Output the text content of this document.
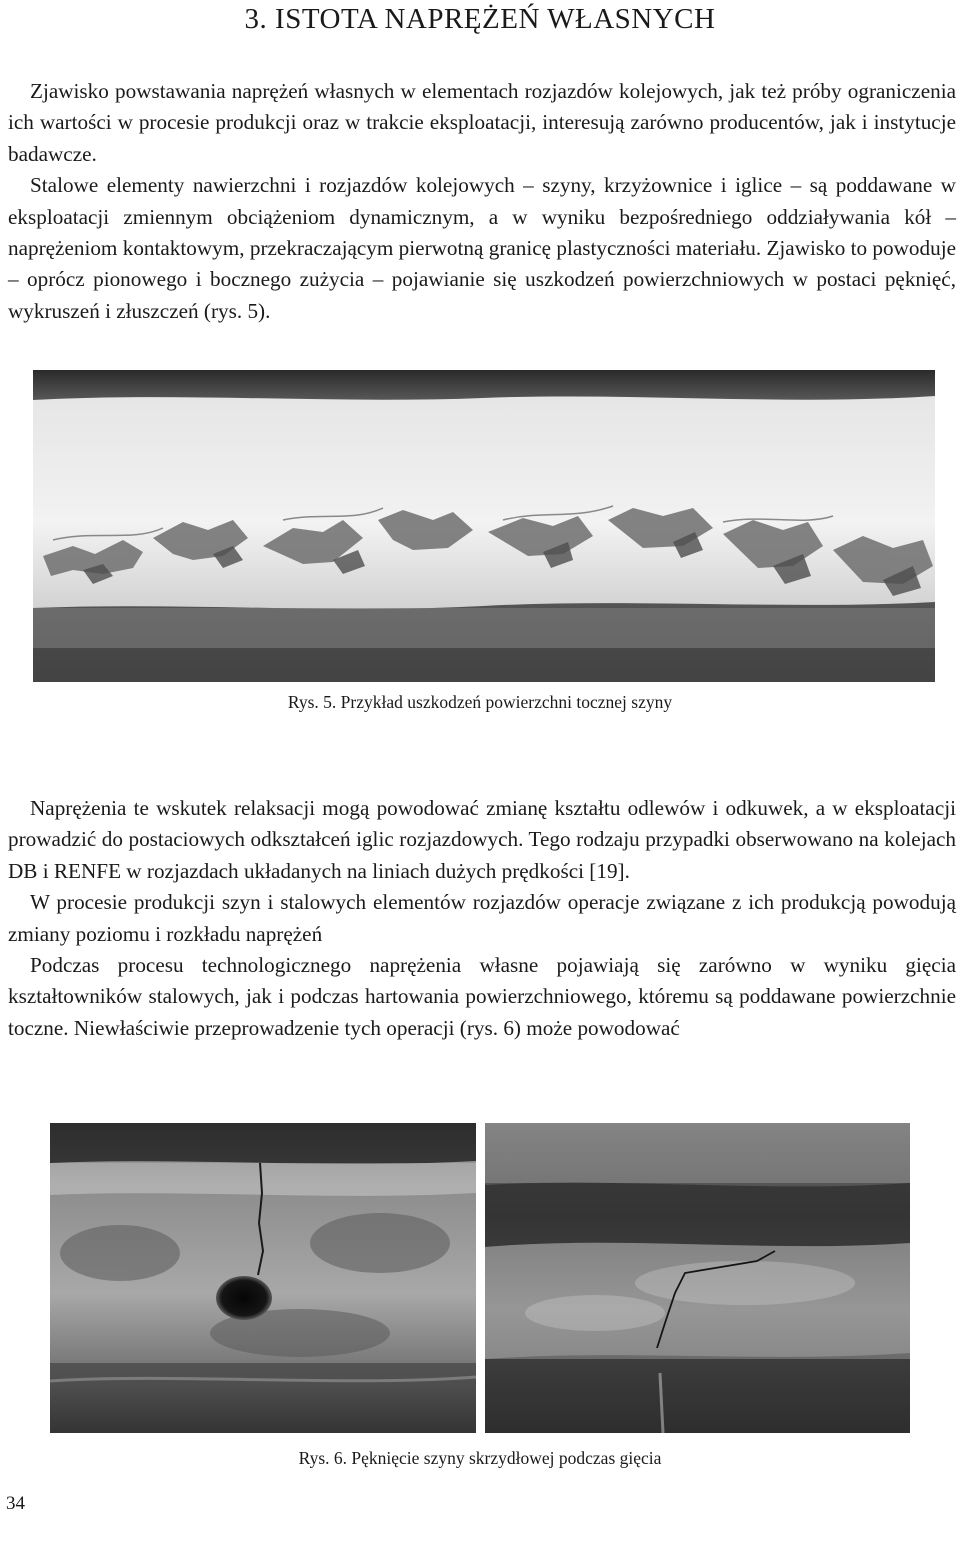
3. ISTOTA NAPRĘŻEŃ WŁASNYCH

Zjawisko powstawania naprężeń własnych w elementach rozjazdów kolejowych, jak też próby ograniczenia ich wartości w procesie produkcji oraz w trakcie eksploatacji, interesują zarówno producentów, jak i instytucje badawcze.

Stalowe elementy nawierzchni i rozjazdów kolejowych – szyny, krzyżownice i iglice – są poddawane w eksploatacji zmiennym obciążeniom dynamicznym, a w wyniku bezpośredniego oddziaływania kół – naprężeniom kontaktowym, przekraczającym pierwotną granicę plastyczności materiału. Zjawisko to powoduje – oprócz pionowego i bocznego zużycia – pojawianie się uszkodzeń powierzchniowych w postaci pęknięć, wykruszeń i złuszczeń (rys. 5).

Rys. 5. Przykład uszkodzeń powierzchni tocznej szyny

Naprężenia te wskutek relaksacji mogą powodować zmianę kształtu odlewów i odkuwek, a w eksploatacji prowadzić do postaciowych odkształceń iglic rozjazdowych. Tego rodzaju przypadki obserwowano na kolejach DB i RENFE w rozjazdach układanych na liniach dużych prędkości [19].

W procesie produkcji szyn i stalowych elementów rozjazdów operacje związane z ich produkcją powodują zmiany poziomu i rozkładu naprężeń

Podczas procesu technologicznego naprężenia własne pojawiają się zarówno w wyniku gięcia kształtowników stalowych, jak i podczas hartowania powierzchniowego, któremu są poddawane powierzchnie toczne. Niewłaściwie przeprowadzenie tych operacji (rys. 6) może powodować

Rys. 6. Pęknięcie szyny skrzydłowej podczas gięcia

34
